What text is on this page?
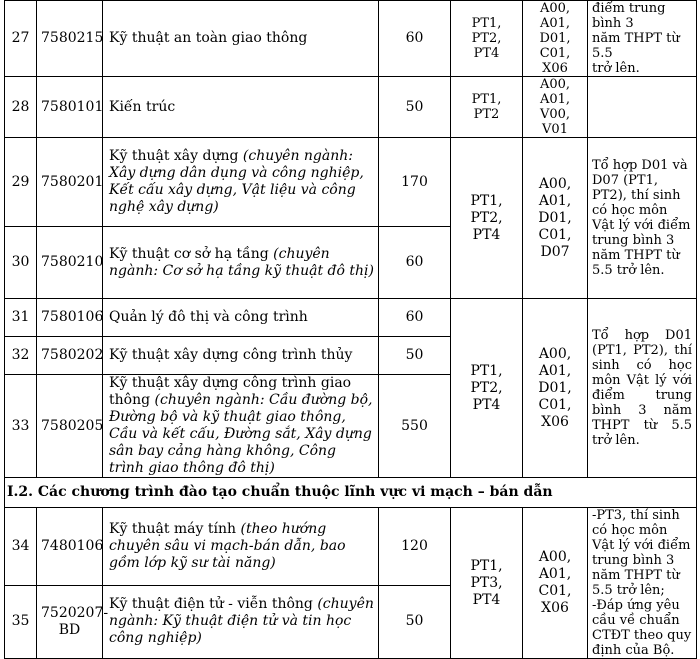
27	7580215	Kỹ thuật an toàn giao thông	60	PT1,
PT2,
PT4	A00, A01,
D01, C01,
X06	điểm trung bình 3
năm THPT từ 5.5
trở lên.
28	7580101	Kiến trúc	50	PT1,
PT2	A00, A01,
V00, V01	
29	7580201	Kỹ thuật xây dựng (chuyên ngành: Xây dựng dân dụng và công nghiệp, Kết cấu xây dựng, Vật liệu và công nghệ xây dựng)	170	PT1,
PT2,
PT4	A00, A01,
D01, C01,
D07	Tổ hợp D01 và D07 (PT1, PT2), thí sinh có học môn Vật lý với điểm trung bình 3 năm THPT từ 5.5 trở lên.
30	7580210	Kỹ thuật cơ sở hạ tầng (chuyên ngành: Cơ sở hạ tầng kỹ thuật đô thị)	60			
31	7580106	Quản lý đô thị và công trình	60	PT1,
PT2,
PT4	A00, A01,
D01, C01,
X06	Tổ hợp D01 (PT1, PT2), thí sinh có học môn Vật lý với điểm trung bình 3 năm THPT từ 5.5 trở lên.
32	7580202	Kỹ thuật xây dựng công trình thủy	50			
33	7580205	Kỹ thuật xây dựng công trình giao thông (chuyên ngành: Cầu đường bộ, Đường bộ và kỹ thuật giao thông, Cầu và kết cấu, Đường sắt, Xây dựng sân bay cảng hàng không, Công trình giao thông đô thị)	550			
I.2. Các chương trình đào tạo chuẩn thuộc lĩnh vực vi mạch – bán dẫn						
34	7480106	Kỹ thuật máy tính (theo hướng chuyên sâu vi mạch-bán dẫn, bao gồm lớp kỹ sư tài năng)	120	PT1,
PT3,
PT4	A00, A01,
C01, X06	-PT3, thí sinh có học môn Vật lý với điểm trung bình 3 năm THPT từ 5.5 trở lên;
-Đáp ứng yêu cầu về chuẩn CTĐT theo quy định của Bộ.
35	7520207-
BD	Kỹ thuật điện tử - viễn thông (chuyên ngành: Kỹ thuật điện tử và tin học công nghiệp)	50			
